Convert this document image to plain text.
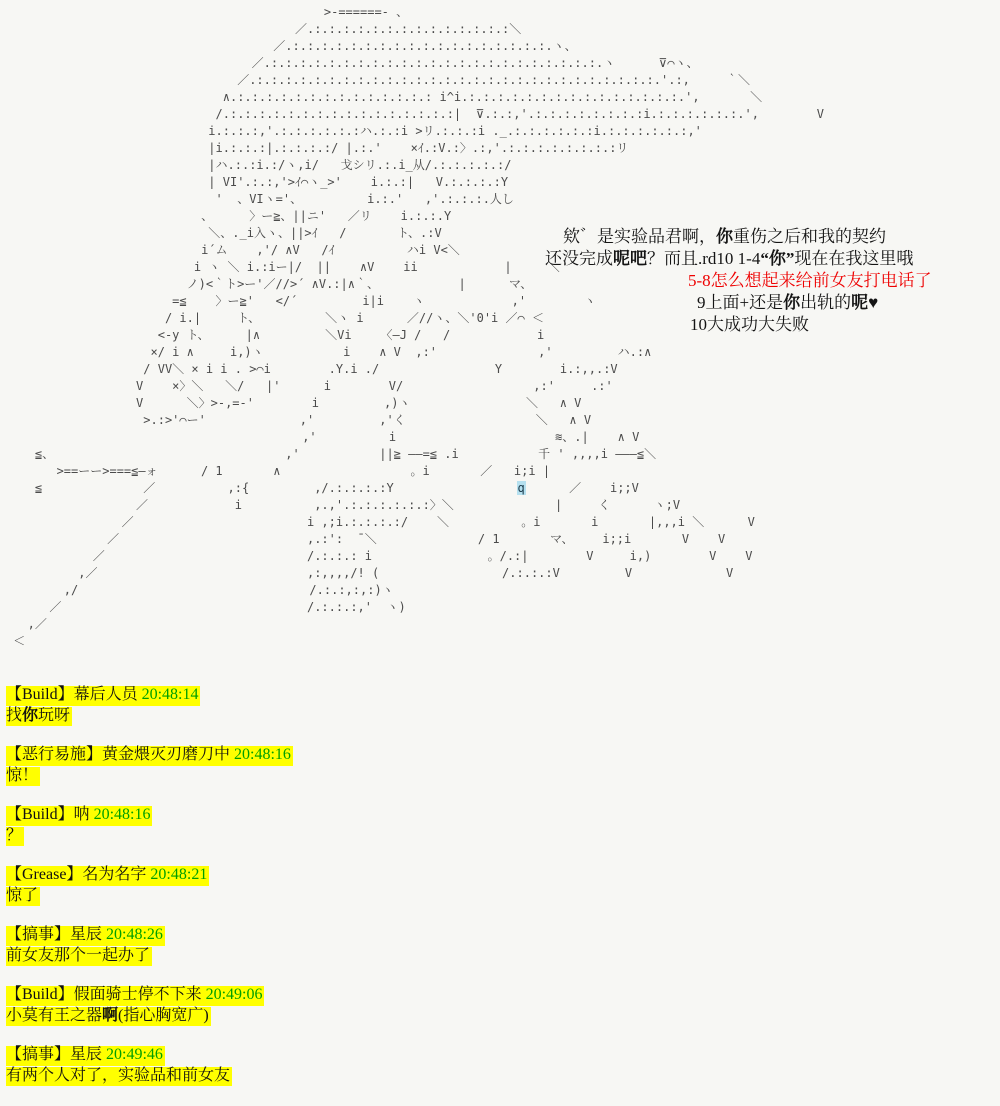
>-======- 、
／.:.:.:.:.:.:.:.:.:.:.:.:.:.:＼
／.:.:.:.:.:.:.:.:.:.:.:.:.:.:.:.:.:.:.ヽ、
／.:.:.:.:.:.:.:.:.:.:.:.:.:.:.:.:.:.:.:.:.:.:.:.ヽ      ⊽⌒ヽ、
／.:.:.:.:.:.:.:.:.:.:.:.:.:.:.:.:.:.:.:.:.:.:.:.:.:.:.:.:.'.:,     ｀＼
∧.:.:.:.:.:.:.:.:.:.:.:.:.:.: i^i.:.:.:.:.:.:.:.:.:.:.:.:.:.:.:.',       ＼
/.:.:.:.:.:.:.:.:.:.:.:.:.:.:.:.:|  ⊽.:.:,'.:.:.:.:.:.:.:.:i.:.:.:.:.:.:.',        V
i.:.:.:,'.:.:.:.:.:.:ハ.:.:i >リ.:.:.:i ._.:.:.:.:.:.:i.:.:.:.:.:.:,'
|i.:.:.:|.:.:.:.:/ |.:.'    ×ｲ.:V.:〉.:,'.:.:.:.:.:.:.:.:リ
|ハ.:.:i.:/ヽ,i/   戈シリ.:.i_从/.:.:.:.:.:/
| VI'.:.:,'>ｲ⌒ヽ_>'    i.:.:|   V.:.:.:.:Y
'  、VIヽ='、         i.:.'   ,'.:.:.:.人し
、     〉ー≧、||ニ'   ／リ    i.:.:.Y
＼、._i入ヽ、||>ｲ   /       ト、.:V
i´ム    ,'/ ∧V   /ｲ          ハi V<＼
i ヽ ＼ i.:iー|/  ||    ∧V    ii            |     ＼
ノ)<｀ト>ー'／//>´ ∧V.:|∧｀、           |      マ、
=≦    〉ー≧'   </´         i|i    ヽ            ,'        ヽ
/ i.|     ト、         ＼ヽ i      ／//ヽ、＼'0'i ／⌒ ＜
<-y ト、     |∧         ＼Vi    〈―J /   /            i
×/ i ∧     i,)ヽ           i    ∧ V  ,:'              ,'         ハ.:∧
/ VV＼ × i i . >⌒i        .Y.i ./                Y        i.:,,.:V
V    ×〉＼   ＼/   |'      i        V/                  ,:'     .:'
V      ＼〉>-,=-'        i         ,)ヽ                ＼   ∧ V
>.:>'⌒ー'             ,'         ,'く                  ＼   ∧ V
,'          i                      ≋、.|    ∧ V
≦、                                ,'           ||≧ ――=≦ .i           千 ' ,,,,i ―――≦＼
>==ーー>===≦―ォ      / 1       ∧                  。i       ／   i;i |
≦              ／          ,:{         ,/.:.:.:.:Y                 q      ／    i;;V
／            i          ,.,'.:.:.:.:.:.:〉＼              |     く      ヽ;V
／                        i ,;i.:.:.:.:/    ＼          。i       i       |,,,i ＼      V
／                          ,.:':  ̄ ＼              / 1       マ、    i;;i       V    V
／                            /.:.:.: i                。/.:|        V     i,)        V    V
,／                             ,:,,,,/! (                 /.:.:.:V         V             V
,/                                /.:.:,:,:)ヽ
／                                  /.:.:.:,'  ヽ)
,／
＜
欸゛是实验品君啊，你重伤之后和我的契约
还没完成呢吧？而且.rd10 1-4“你”现在在我这里哦
5-8怎么想起来给前女友打电话了
9上面+还是你出轨的呢♥
10大成功大失败
【Build】幕后人员 20:48:14
找你玩呀
【恶行易施】黄金煨灭刃磨刀中 20:48:16
惊！
【Build】呐 20:48:16
？
【Grease】名为名字 20:48:21
惊了
【搞事】星辰 20:48:26
前女友那个一起办了
【Build】假面骑士停不下来 20:49:06
小莫有王之器啊(指心胸宽广)
【搞事】星辰 20:49:46
有两个人对了，实验品和前女友
